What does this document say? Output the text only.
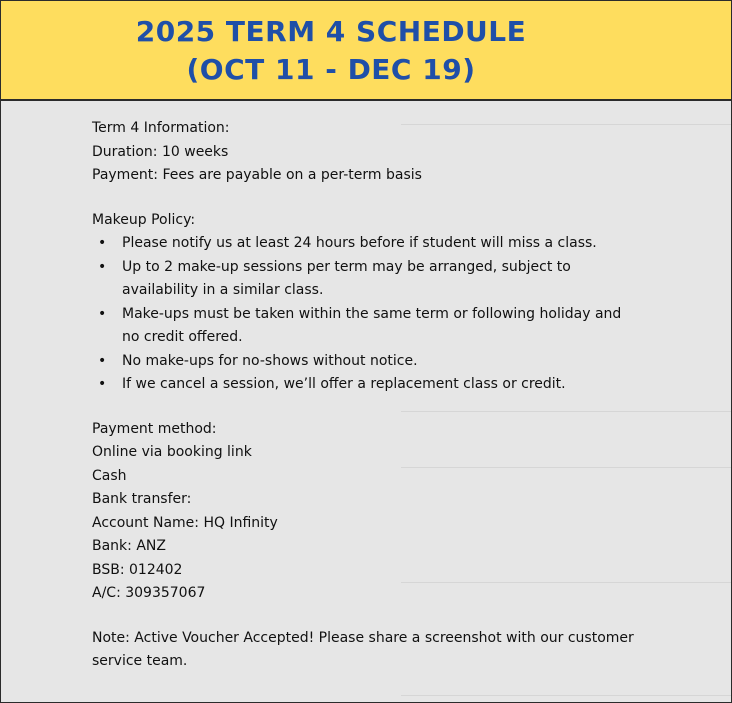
2025 TERM 4 SCHEDULE
(OCT 11 - DEC 19)
Term 4 Information:
Duration: 10 weeks
Payment: Fees are payable on a per-term basis
Makeup Policy:
• Please notify us at least 24 hours before if student will miss a class.
• Up to 2 make-up sessions per term may be arranged, subject to availability in a similar class.
• Make-ups must be taken within the same term or following holiday and no credit offered.
• No make-ups for no-shows without notice.
• If we cancel a session, we’ll offer a replacement class or credit.
Payment method:
Online via booking link
Cash
Bank transfer:
Account Name: HQ Infinity
Bank: ANZ
BSB: 012402
A/C: 309357067
Note: Active Voucher Accepted! Please share a screenshot with our customer service team.
